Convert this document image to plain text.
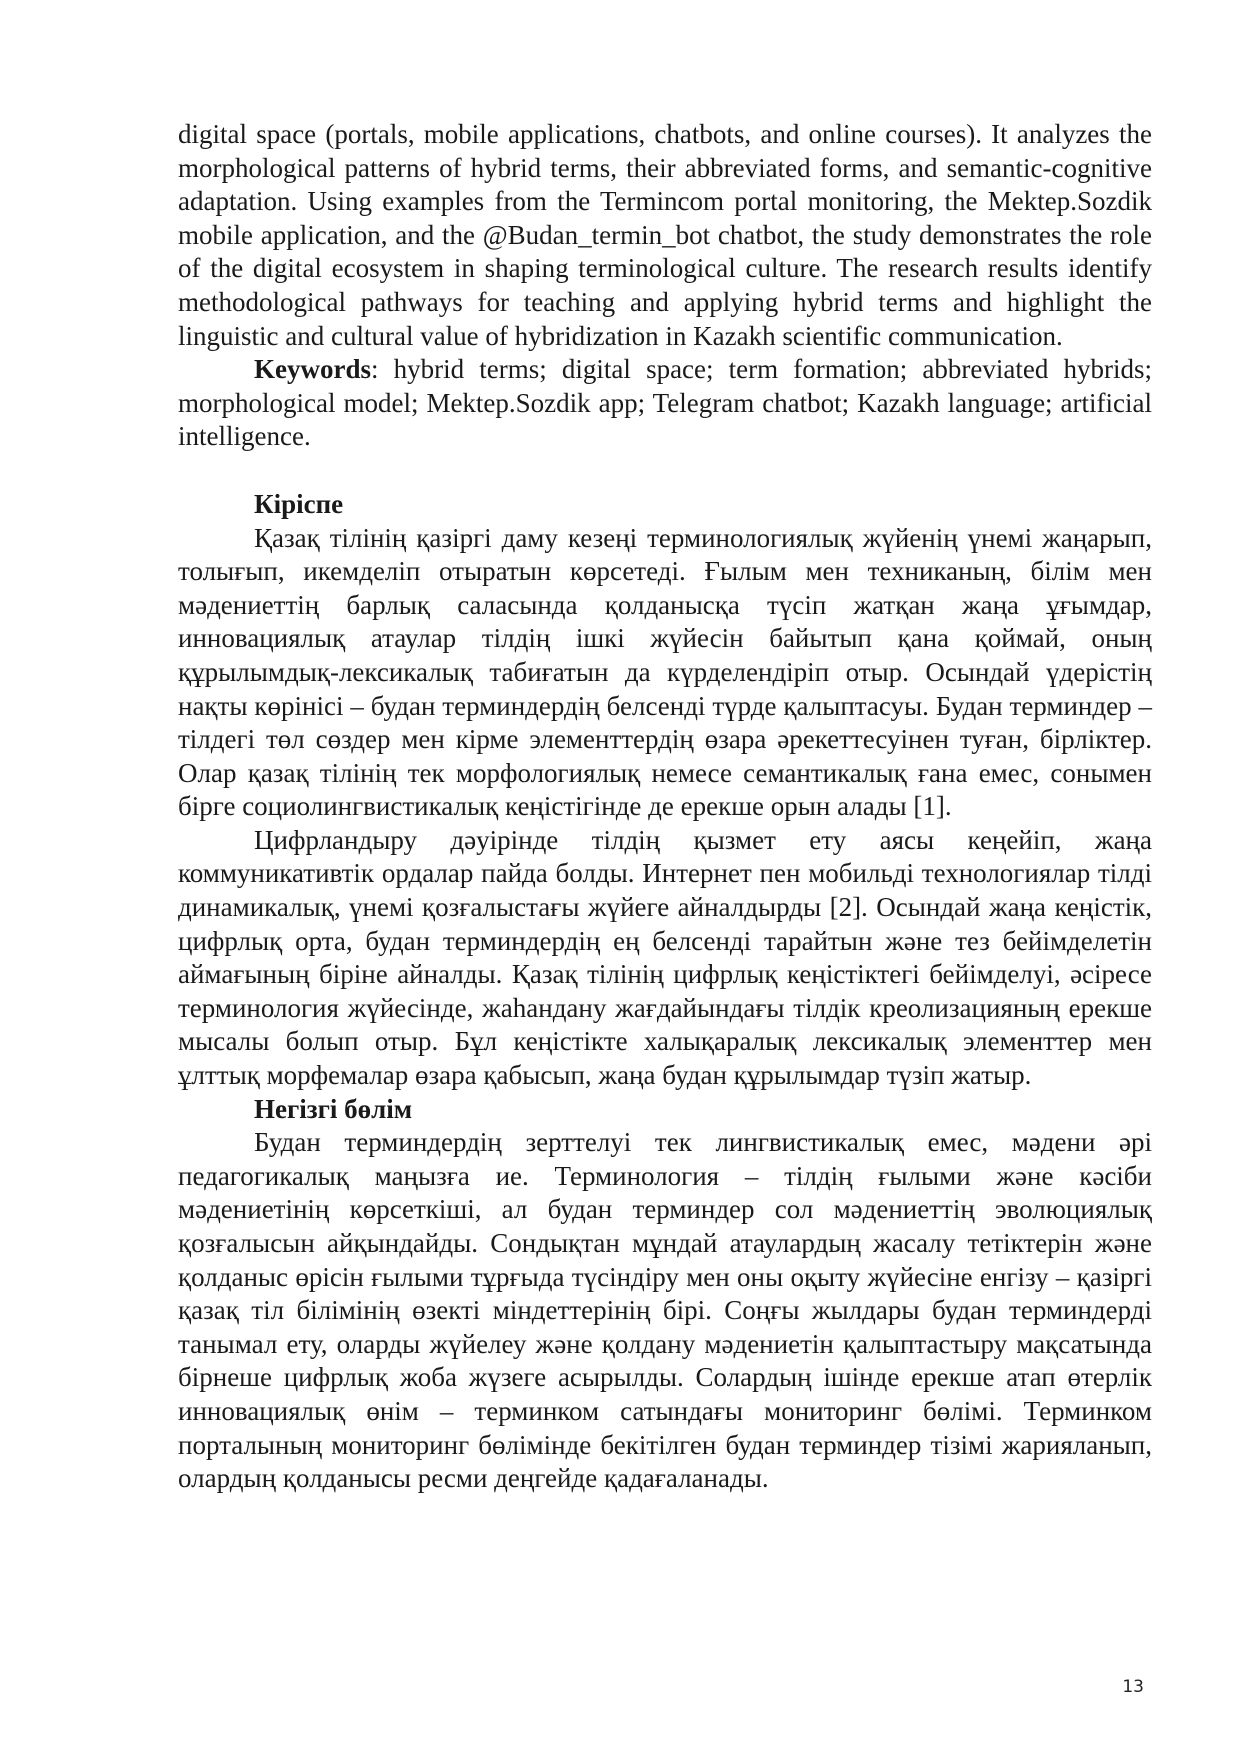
digital space (portals, mobile applications, chatbots, and online courses). It analyzes the morphological patterns of hybrid terms, their abbreviated forms, and semantic-cognitive adaptation. Using examples from the Termincom portal monitoring, the Mektep.Sozdik mobile application, and the @Budan_termin_bot chatbot, the study demonstrates the role of the digital ecosystem in shaping terminological culture. The research results identify methodological pathways for teaching and applying hybrid terms and highlight the linguistic and cultural value of hybridization in Kazakh scientific communication.

Keywords: hybrid terms; digital space; term formation; abbreviated hybrids; morphological model; Mektep.Sozdik app; Telegram chatbot; Kazakh language; artificial intelligence.

Кіріспе

Қазақ тілінің қазіргі даму кезеңі терминологиялық жүйенің үнемі жаңарып, толығып, икемделіп отыратын көрсетеді. Ғылым мен техниканың, білім мен мәдениеттің барлық саласында қолданысқа түсіп жатқан жаңа ұғымдар, инновациялық атаулар тілдің ішкі жүйесін байытып қана қоймай, оның құрылымдық-лексикалық табиғатын да күрделендіріп отыр. Осындай үдерістің нақты көрінісі – будан терминдердің белсенді түрде қалыптасуы. Будан терминдер – тілдегі төл сөздер мен кірме элементтердің өзара әрекеттесуінен туған, бірліктер. Олар қазақ тілінің тек морфологиялық немесе семантикалық ғана емес, сонымен бірге социолингвистикалық кеңістігінде де ерекше орын алады [1].

Цифрландыру дәуірінде тілдің қызмет ету аясы кеңейіп, жаңа коммуникативтік ордалар пайда болды. Интернет пен мобильді технологиялар тілді динамикалық, үнемі қозғалыстағы жүйеге айналдырды [2]. Осындай жаңа кеңістік, цифрлық орта, будан терминдердің ең белсенді тарайтын және тез бейімделетін аймағының біріне айналды. Қазақ тілінің цифрлық кеңістіктегі бейімделуі, әсіресе терминология жүйесінде, жаһандану жағдайындағы тілдік креолизацияның ерекше мысалы болып отыр. Бұл кеңістікте халықаралық лексикалық элементтер мен ұлттық морфемалар өзара қабысып, жаңа будан құрылымдар түзіп жатыр.

Негізгі бөлім

Будан терминдердің зерттелуі тек лингвистикалық емес, мәдени әрі педагогикалық маңызға ие. Терминология – тілдің ғылыми және кәсіби мәдениетінің көрсеткіші, ал будан терминдер сол мәдениеттің эволюциялық қозғалысын айқындайды. Сондықтан мұндай атаулардың жасалу тетіктерін және қолданыс өрісін ғылыми тұрғыда түсіндіру мен оны оқыту жүйесіне енгізу – қазіргі қазақ тіл білімінің өзекті міндеттерінің бірі. Соңғы жылдары будан терминдерді танымал ету, оларды жүйелеу және қолдану мәдениетін қалыптастыру мақсатында бірнеше цифрлық жоба жүзеге асырылды. Солардың ішінде ерекше атап өтерлік инновациялық өнім – терминком сатындағы мониторинг бөлімі. Терминком порталының мониторинг бөлімінде бекітілген будан терминдер тізімі жарияланып, олардың қолданысы ресми деңгейде қадағаланады.

13
